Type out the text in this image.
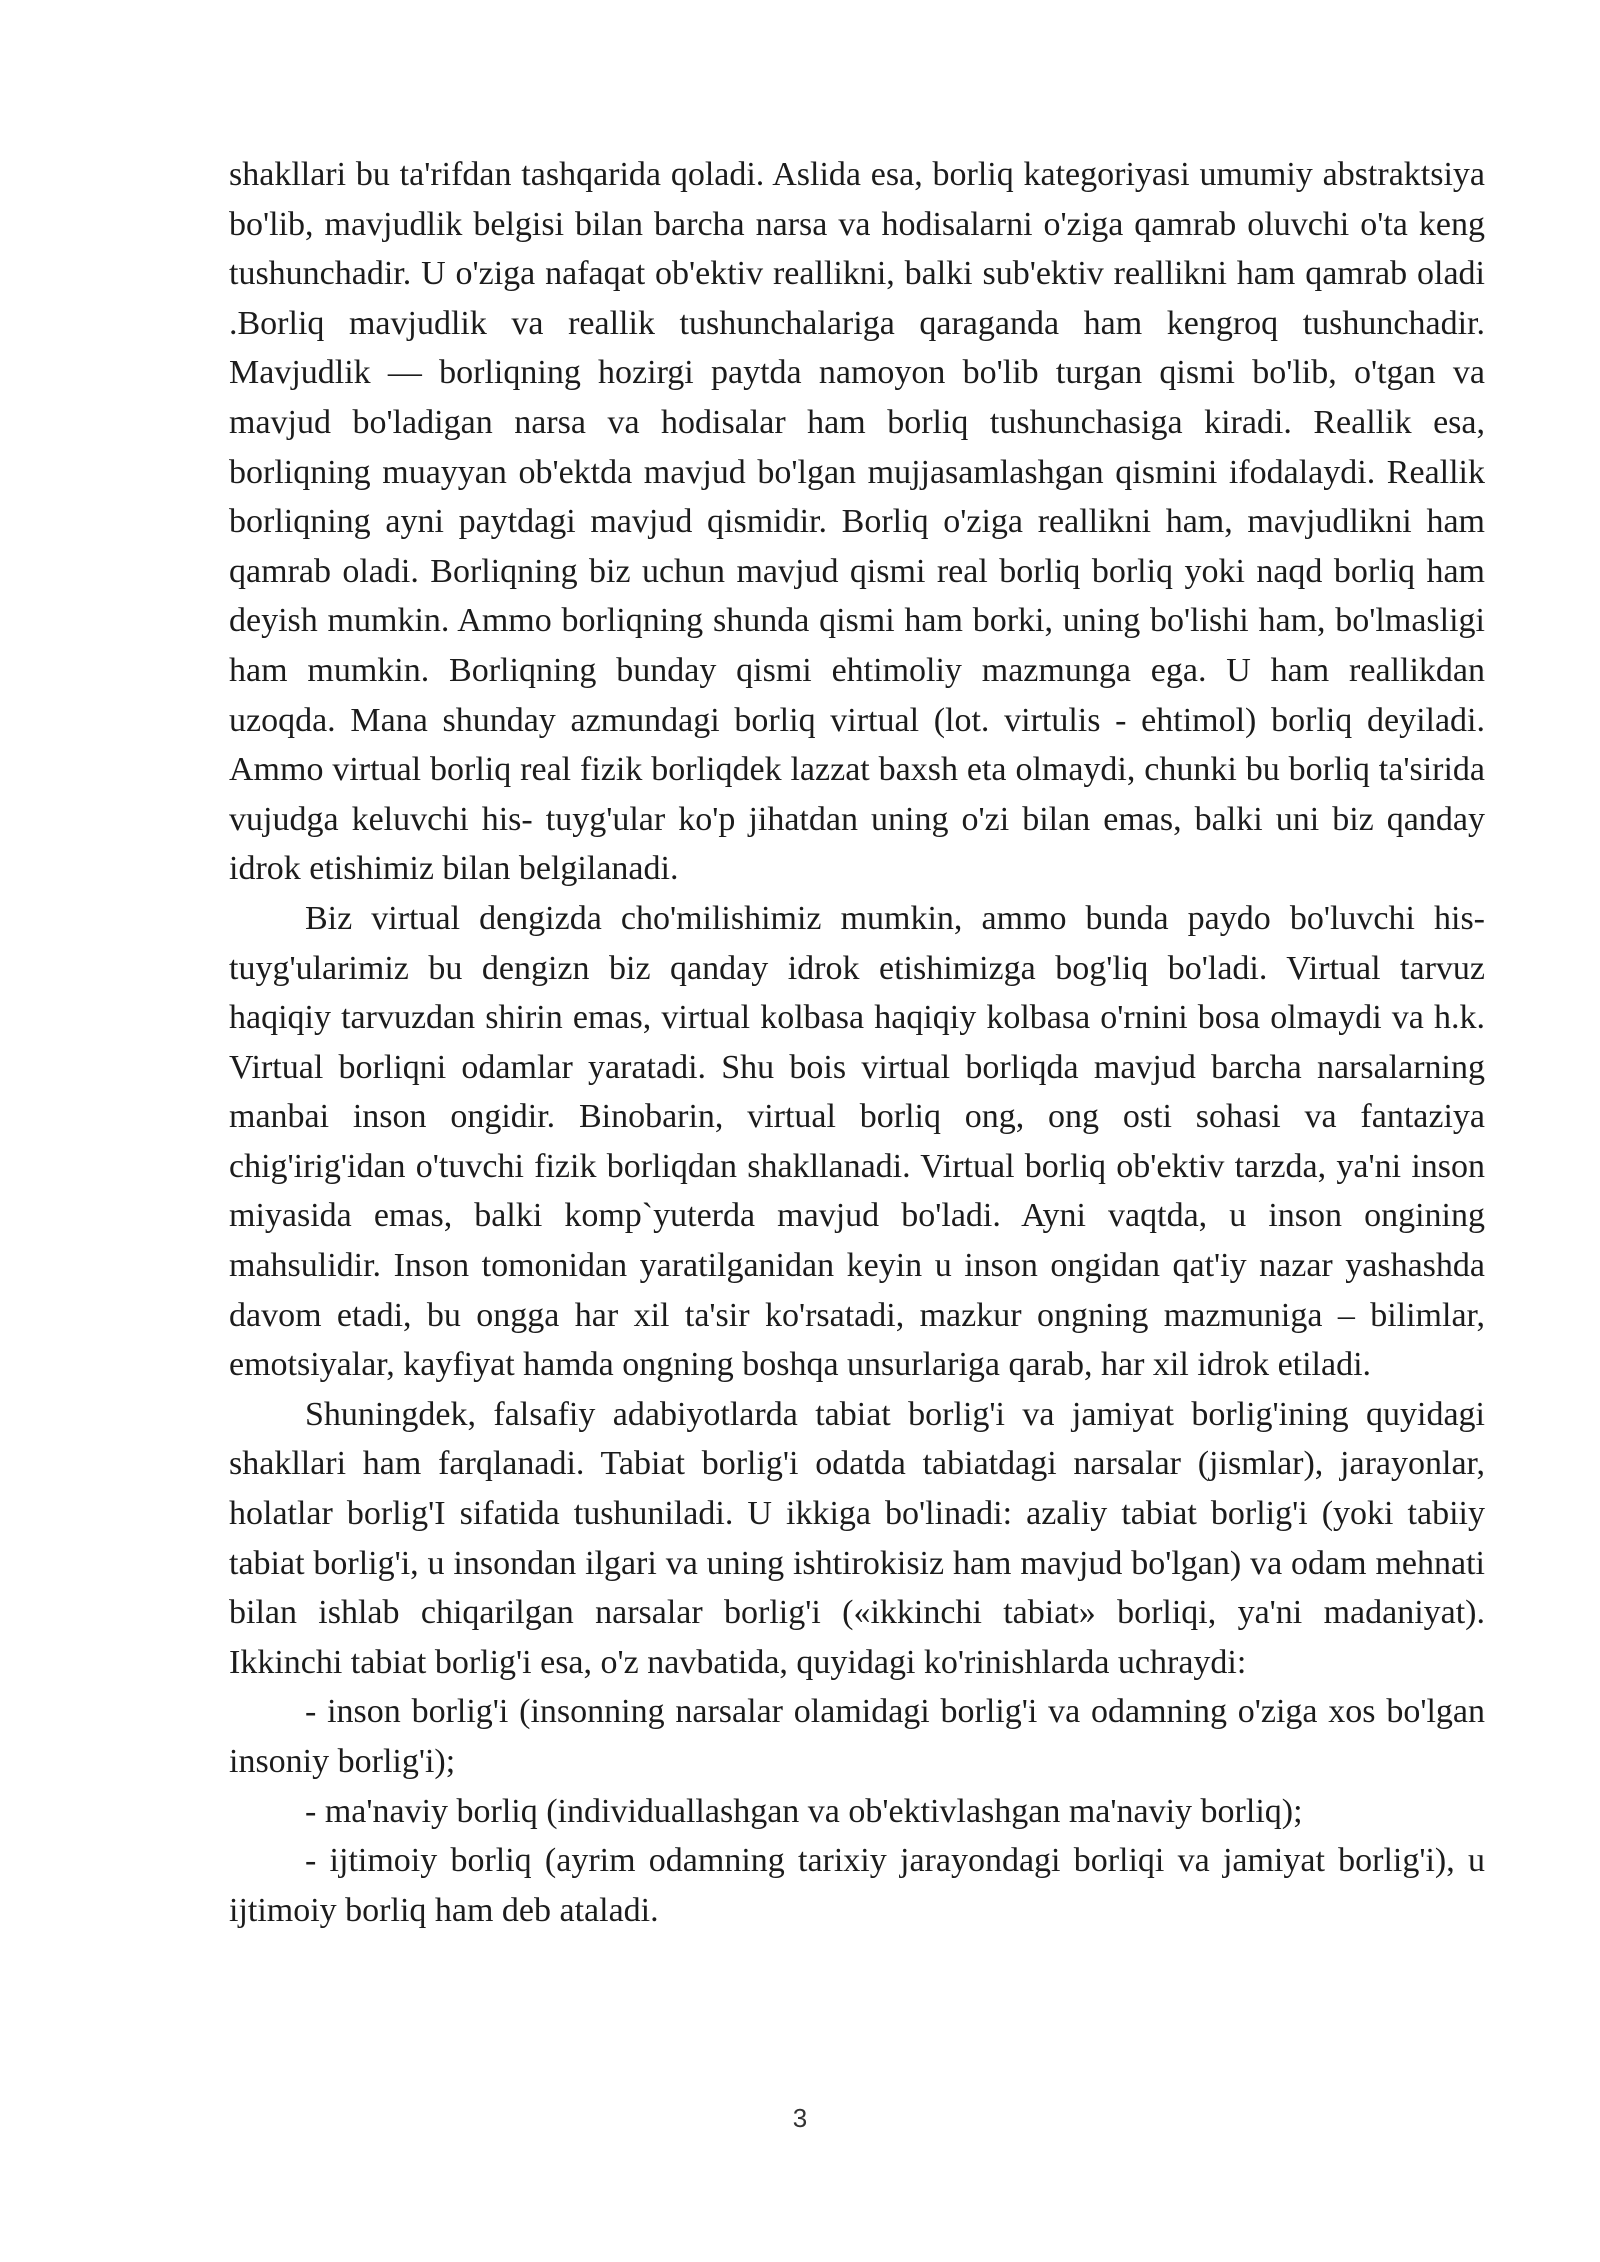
shakllari bu ta'rifdan tashqarida qoladi. Aslida esa, borliq kategoriyasi umumiy abstraktsiya bo'lib, mavjudlik belgisi bilan barcha narsa va hodisalarni o'ziga qamrab oluvchi o'ta keng tushunchadir. U o'ziga nafaqat ob'ektiv reallikni, balki sub'ektiv reallikni ham qamrab oladi .Borliq mavjudlik va reallik tushunchalariga qaraganda ham kengroq tushunchadir. Mavjudlik — borliqning hozirgi paytda namoyon bo'lib turgan qismi bo'lib, o'tgan va mavjud bo'ladigan narsa va hodisalar ham borliq tushunchasiga kiradi. Reallik esa, borliqning muayyan ob'ektda mavjud bo'lgan mujjasamlashgan qismini ifodalaydi. Reallik borliqning ayni paytdagi mavjud qismidir. Borliq o'ziga reallikni ham, mavjudlikni ham qamrab oladi. Borliqning biz uchun mavjud qismi real borliq borliq yoki naqd borliq ham deyish mumkin. Ammo borliqning shunda qismi ham borki, uning bo'lishi ham, bo'lmasligi ham mumkin. Borliqning bunday qismi ehtimoliy mazmunga ega. U ham reallikdan uzoqda. Mana shunday azmundagi borliq virtual (lot. virtulis - ehtimol) borliq deyiladi. Ammo virtual borliq real fizik borliqdek lazzat baxsh eta olmaydi, chunki bu borliq ta'sirida vujudga keluvchi his- tuyg'ular ko'p jihatdan uning o'zi bilan emas, balki uni biz qanday idrok etishimiz bilan belgilanadi.

Biz virtual dengizda cho'milishimiz mumkin, ammo bunda paydo bo'luvchi his-tuyg'ularimiz bu dengizn biz qanday idrok etishimizga bog'liq bo'ladi. Virtual tarvuz haqiqiy tarvuzdan shirin emas, virtual kolbasa haqiqiy kolbasa o'rnini bosa olmaydi va h.k. Virtual borliqni odamlar yaratadi. Shu bois virtual borliqda mavjud barcha narsalarning manbai inson ongidir. Binobarin, virtual borliq ong, ong osti sohasi va fantaziya chig'irig'idan o'tuvchi fizik borliqdan shakllanadi. Virtual borliq ob'ektiv tarzda, ya'ni inson miyasida emas, balki komp`yuterda mavjud bo'ladi. Ayni vaqtda, u inson ongining mahsulidir. Inson tomonidan yaratilganidan keyin u inson ongidan qat'iy nazar yashashda davom etadi, bu ongga har xil ta'sir ko'rsatadi, mazkur ongning mazmuniga – bilimlar, emotsiyalar, kayfiyat hamda ongning boshqa unsurlariga qarab, har xil idrok etiladi.

Shuningdek, falsafiy adabiyotlarda tabiat borlig'i va jamiyat borlig'ining quyidagi shakllari ham farqlanadi. Tabiat borlig'i odatda tabiatdagi narsalar (jismlar), jarayonlar, holatlar borlig'I sifatida tushuniladi. U ikkiga bo'linadi: azaliy tabiat borlig'i (yoki tabiiy tabiat borlig'i, u insondan ilgari va uning ishtirokisiz ham mavjud bo'lgan) va odam mehnati bilan ishlab chiqarilgan narsalar borlig'i («ikkinchi tabiat» borliqi, ya'ni madaniyat). Ikkinchi tabiat borlig'i esa, o'z navbatida, quyidagi ko'rinishlarda uchraydi:

- inson borlig'i (insonning narsalar olamidagi borlig'i va odamning o'ziga xos bo'lgan insoniy borlig'i);

- ma'naviy borliq (individuallashgan va ob'ektivlashgan ma'naviy borliq);

- ijtimoiy borliq (ayrim odamning tarixiy jarayondagi borliqi va jamiyat borlig'i), u ijtimoiy borliq ham deb ataladi.

3
